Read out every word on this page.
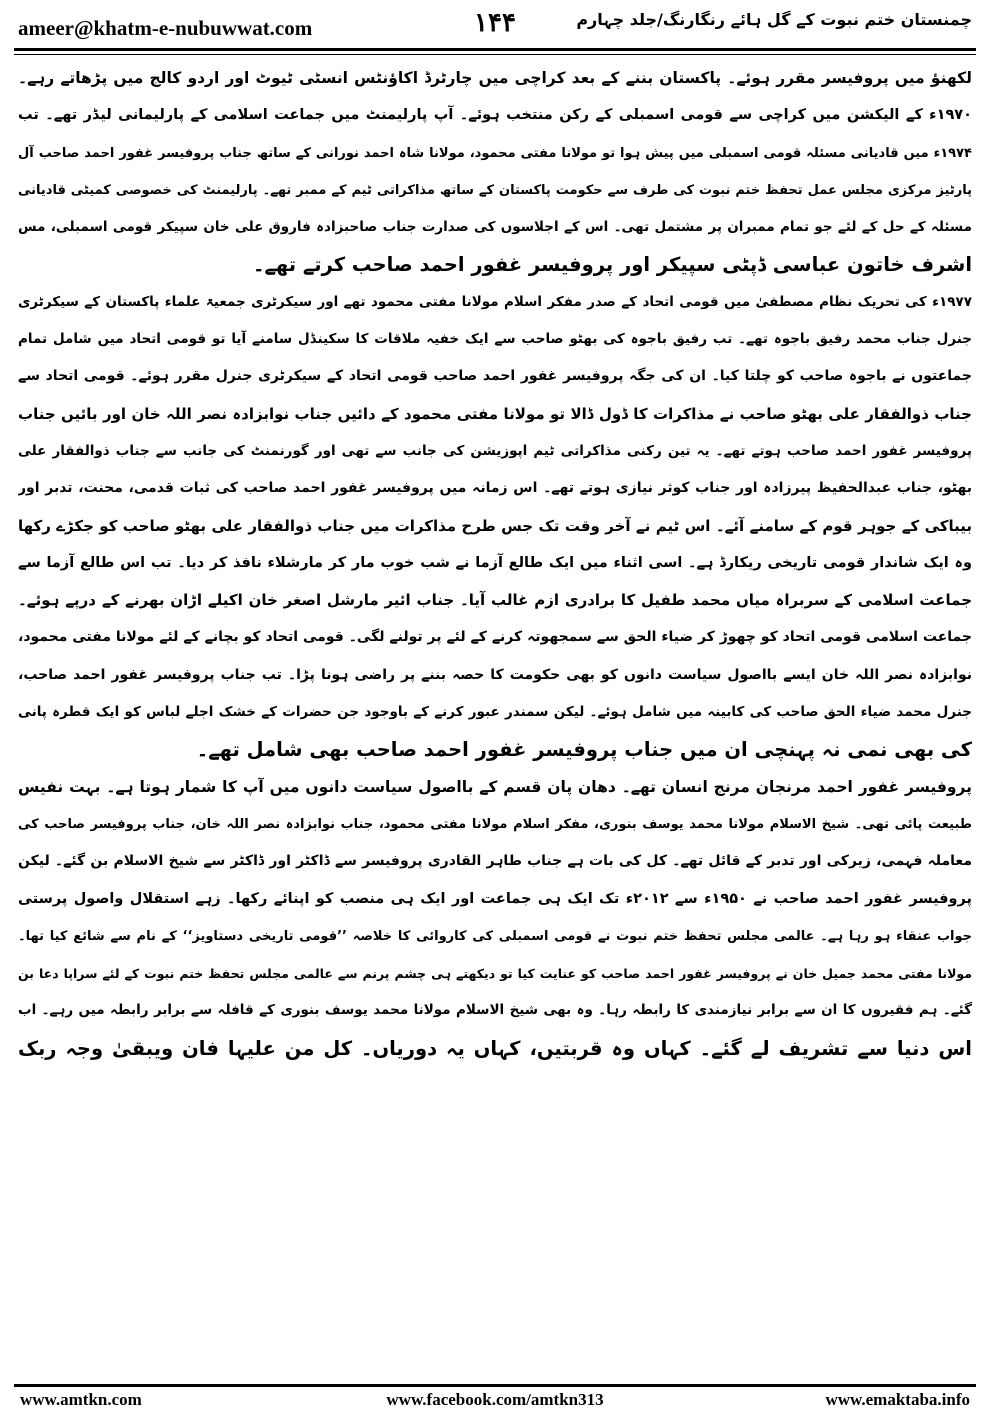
ameer@khatm-e-nubuwwat.com	۱۴۴	چمنستان ختم نبوت کے گل ہائے رنگارنگ/جلد چہارم
لکھنؤ میں پروفیسر مقرر ہوئے۔ پاکستان بننے کے بعد کراچی میں چارٹرڈ اکاؤنٹس انسٹی ٹیوٹ اور اردو کالج میں پڑھاتے رہے۔
۱۹۷۰ء کے الیکشن میں کراچی سے قومی اسمبلی کے رکن منتخب ہوئے۔ آپ پارلیمنٹ میں جماعت اسلامی کے پارلیمانی لیڈر تھے۔ تب
۱۹۷۴ء میں قادیانی مسئلہ قومی اسمبلی میں پیش ہوا تو مولانا مفتی محمود، مولانا شاہ احمد نورانی کے ساتھ جناب پروفیسر غفور احمد صاحب آل
پارٹیز مرکزی مجلس عمل تحفظ ختم نبوت کی طرف سے حکومت پاکستان کے ساتھ مذاکراتی ٹیم کے ممبر تھے۔ پارلیمنٹ کی خصوصی کمیٹی قادیانی
مسئلہ کے حل کے لئے جو تمام ممبران پر مشتمل تھی۔ اس کے اجلاسوں کی صدارت جناب صاحبزادہ فاروق علی خان سپیکر قومی اسمبلی، مس
اشرف خاتون عباسی ڈپٹی سپیکر اور پروفیسر غفور احمد صاحب کرتے تھے۔
۱۹۷۷ء کی تحریک نظام مصطفیٰ میں قومی اتحاد کے صدر مفکر اسلام مولانا مفتی محمود تھے اور سیکرٹری جمعیۃ علماء پاکستان کے سیکرٹری
جنرل جناب محمد رفیق باجوہ تھے۔ تب رفیق باجوہ کی بھٹو صاحب سے ایک خفیہ ملاقات کا سکینڈل سامنے آیا تو قومی اتحاد میں شامل تمام
جماعتوں نے باجوہ صاحب کو چلتا کیا۔ ان کی جگہ پروفیسر غفور احمد صاحب قومی اتحاد کے سیکرٹری جنرل مقرر ہوئے۔ قومی اتحاد سے
جناب ذوالفقار علی بھٹو صاحب نے مذاکرات کا ڈول ڈالا تو مولانا مفتی محمود کے دائیں جناب نوابزادہ نصر اللہ خان اور بائیں جناب
پروفیسر غفور احمد صاحب ہوتے تھے۔ یہ تین رکنی مذاکراتی ٹیم اپوزیشن کی جانب سے تھی اور گورنمنٹ کی جانب سے جناب ذوالفقار علی
بھٹو، جناب عبدالحفیظ پیرزادہ اور جناب کوثر نیازی ہوتے تھے۔ اس زمانہ میں پروفیسر غفور احمد صاحب کی ثبات قدمی، محنت، تدبر اور
بیباکی کے جوہر قوم کے سامنے آئے۔ اس ٹیم نے آخر وقت تک جس طرح مذاکرات میں جناب ذوالفقار علی بھٹو صاحب کو جکڑے رکھا
وہ ایک شاندار قومی تاریخی ریکارڈ ہے۔ اسی اثناء میں ایک طالع آزما نے شب خوب مار کر مارشلاء نافذ کر دیا۔ تب اس طالع آزما سے
جماعت اسلامی کے سربراہ میاں محمد طفیل کا برادری ازم غالب آیا۔ جناب ائیر مارشل اصغر خان اکیلے اڑان بھرنے کے درپے ہوئے۔
جماعت اسلامی قومی اتحاد کو چھوڑ کر ضیاء الحق سے سمجھوتہ کرنے کے لئے پر تولنے لگی۔ قومی اتحاد کو بچانے کے لئے مولانا مفتی محمود،
نوابزادہ نصر اللہ خان ایسے بااصول سیاست دانوں کو بھی حکومت کا حصہ بننے پر راضی ہونا پڑا۔ تب جناب پروفیسر غفور احمد صاحب،
جنرل محمد ضیاء الحق صاحب کی کابینہ میں شامل ہوئے۔ لیکن سمندر عبور کرنے کے باوجود جن حضرات کے خشک اجلے لباس کو ایک قطرہ پانی
کی بھی نمی نہ پہنچی ان میں جناب پروفیسر غفور احمد صاحب بھی شامل تھے۔
پروفیسر غفور احمد مرنجان مرنج انسان تھے۔ دھان پان قسم کے بااصول سیاست دانوں میں آپ کا شمار ہوتا ہے۔ بہت نفیس
طبیعت پائی تھی۔ شیخ الاسلام مولانا محمد یوسف بنوری، مفکر اسلام مولانا مفتی محمود، جناب نوابزادہ نصر اللہ خان، جناب پروفیسر صاحب کی
معاملہ فہمی، زیرکی اور تدبر کے قائل تھے۔ کل کی بات ہے جناب طاہر القادری پروفیسر سے ڈاکٹر اور ڈاکٹر سے شیخ الاسلام بن گئے۔ لیکن
پروفیسر غفور احمد صاحب نے ۱۹۵۰ء سے ۲۰۱۲ء تک ایک ہی جماعت اور ایک ہی منصب کو اپنائے رکھا۔ زہے استقلال واصول پرستی
جواب عنقاء ہو رہا ہے۔ عالمی مجلس تحفظ ختم نبوت نے قومی اسمبلی کی کاروائی کا خلاصہ ’’قومی تاریخی دستاویز‘‘ کے نام سے شائع کیا تھا۔
مولانا مفتی محمد جمیل خان نے پروفیسر غفور احمد صاحب کو عنایت کیا تو دیکھتے ہی چشم پرنم سے عالمی مجلس تحفظ ختم نبوت کے لئے سراپا دعا بن
گئے۔ ہم فقیروں کا ان سے برابر نیازمندی کا رابطہ رہا۔ وہ بھی شیخ الاسلام مولانا محمد یوسف بنوری کے قافلہ سے برابر رابطہ میں رہے۔ اب
اس دنیا سے تشریف لے گئے۔ کہاں وہ قربتیں، کہاں یہ دوریاں۔ کل من علیہا فان ویبقیٰ وجہ ربک
www.amtkn.com	www.facebook.com/amtkn313	www.emaktaba.info
